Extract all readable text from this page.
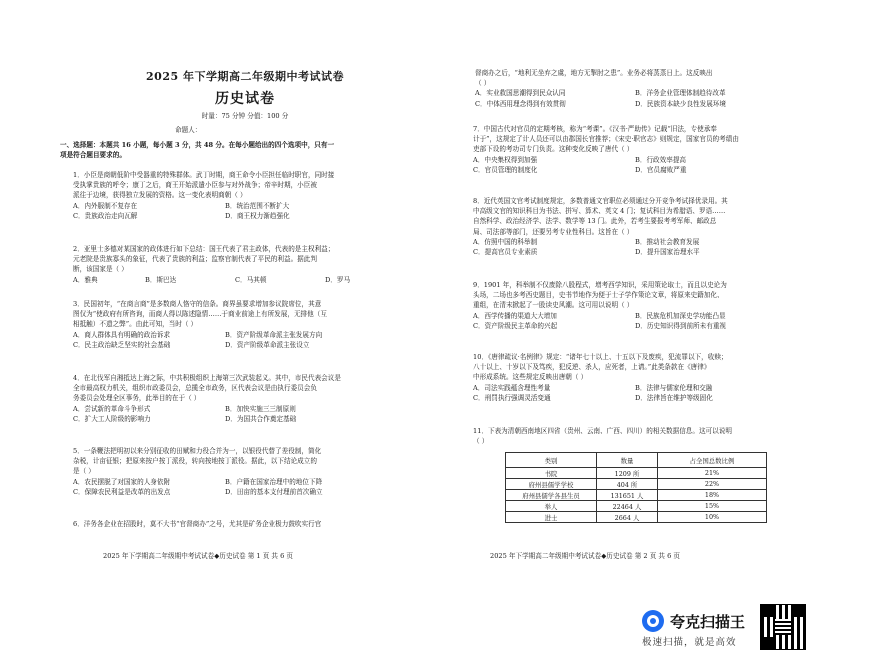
2025 年下学期高二年级期中考试试卷
历史试卷
时量：75 分钟 分值：100 分
命题人：

一、选择题：本题共 16 小题，每小题 3 分，共 48 分。在每小题给出的四个选项中，只有一

项是符合题目要求的。

1．小臣是商朝低阶中受器重的特殊群体。武丁时期，商王命令小臣担任临时职官，同时接

受执掌贵族的呼令；康丁之后，商王开始派遣小臣参与对外战争；帝辛时期，小臣被

派往于边境，获得独立发展的资格。这一变化表明商朝（ ）

A．内外服制不复存在	B．统治范围不断扩大
C．贵族政治走向瓦解	D．商王权力渐趋强化

2．亚里士多德对某国家的政体进行如下总结：国王代表了君主政体，代表的是主权利益；

元老院是贵族寡头的象征，代表了贵族的利益；监察官制代表了平民的利益。据此判

断，该国家是（ ）

A．雅典	B．斯巴达	C．马其顿	D．罗马

3．民国初年，“在商言商”是多数商人恪守的信条。商界虽要求增加参议院席位，其意

图仅为“使政府有所咨询，而商人得以陈述隐情……于商业前途上有所发展，无排他（互

相抵触）不遗之弊”。由此可知，当时（ ）

A．商人群体具有明确的政治诉求	B．资产阶级革命派主张发展方向
C．民主政治缺乏坚实的社会基础	D．资产阶级革命派主张设立

4．在北伐军自湘抵达上海之际，中共积极组织上海第三次武装起义。其中，市民代表会议是

全市最高权力机关，组织市政委员会，总揽全市政务，区代表会议是由执行委员会负

务委员会处理全区事务，此举目的在于（ ）

A．尝试新的革命斗争形式	B．加快实施三三制原则
C．扩大工人阶级的影响力	D．为国共合作奠定基础

5．一条鞭法把明初以来分别征收的田赋和力役合并为一，以银役代替了差役制，简化

杂税，计亩征银；把原来按户按丁派役，转向按地按丁派役。据此，以下结论成立的

是（ ）

A．农民摆脱了对国家的人身依附	B．户籍在国家治理中的地位下降
C．保障农民利益是改革的出发点	D．田亩的基本支付理前首次确立

6．洋务各企业在招股时，莫不大书“官督商办”之号，尤其是矿务企业极力鼓吹实行官

2025 年下学期高二年级期中考试试卷◆历史试卷 第 1 页 共 6 页

督商办之后，“地利无坐弃之虞，地方无掣肘之患”。业务必将蒸蒸日上。这反映出

（ ）

A．实业救国思潮得到民众认同	B．洋务企业管理体制趋待改革
C．中体西用理念得到有效贯彻	D．民族资本缺少良性发展环境

7．中国古代对官员的定期考核，称为“考课”。《汉书·严助传》记载“旧法，专使承奉

计于”，这规定了计人员还可以由郡国长官推荐；《宋史·职官志》则规定，国家官员的考绩由

吏部下设的考功司专门负责。这种变化反映了唐代（ ）

A．中央集权得到加强	B．行政效率提高
C．官员管理的制度化	D．官员腐败严重

8．近代英国文官考试制度规定，多数普通文官职位必须通过分开竞争考试择优录用。其

中高级文官的知识科目为书法、拼写、算术、英文 4 门；复试科目为希腊语、罗语……

自然科学、政治经济学、法学、数学等 13 门。此外，若考生要报考考军师、邮政总

局、司法部等部门，还要另考专业性科目。这旨在（ ）

A．仿照中国的科举制	B．推动社会教育发展
C．提高官员专业素质	D．提升国家治理水平

9．1901 年，科举制不仅废除八股程式，增考西学知识，采用策论取士，而且以史论为

头场，二场也多考西史题目，史书节地作为便于士子学作策论文章，将原来史籍加化、

重组，在清末掀起了一股读史风潮。这可用以说明（ ）

A．西学传播的渠道大大增加	B．民族危机加深史学功能凸显
C．资产阶级民主革命的兴起	D．历史知识得到前所未有重视

10．《唐律疏议·名例律》规定：“诸年七十以上、十五以下及废疾，犯流罪以下，收赎；

八十以上、十岁以下及笃疾，犯反逆、杀人，应死者，上请。”此类条款在《唐律》

中形成系统。这些规定反映出唐朝（ ）

A．司法实践蕴含理性考量	B．法律与儒家伦理和交融
C．刑罚执行强调灵活变通	D．法律旨在维护等级固化

11．下表为清朝西南地区四省（贵州、云南、广西、四川）的相关数据信息。这可以说明

（ ）

类别	数量	占全国总数比例
书院	1209 所	21%
府州县儒学学校	404 所	22%
府州县儒学各县生员	131651 人	18%
举人	22464 人	15%
进士	2664 人	10%
2025 年下学期高二年级期中考试试卷◆历史试卷 第 2 页 共 6 页
夸克扫描王
极速扫描，就是高效
